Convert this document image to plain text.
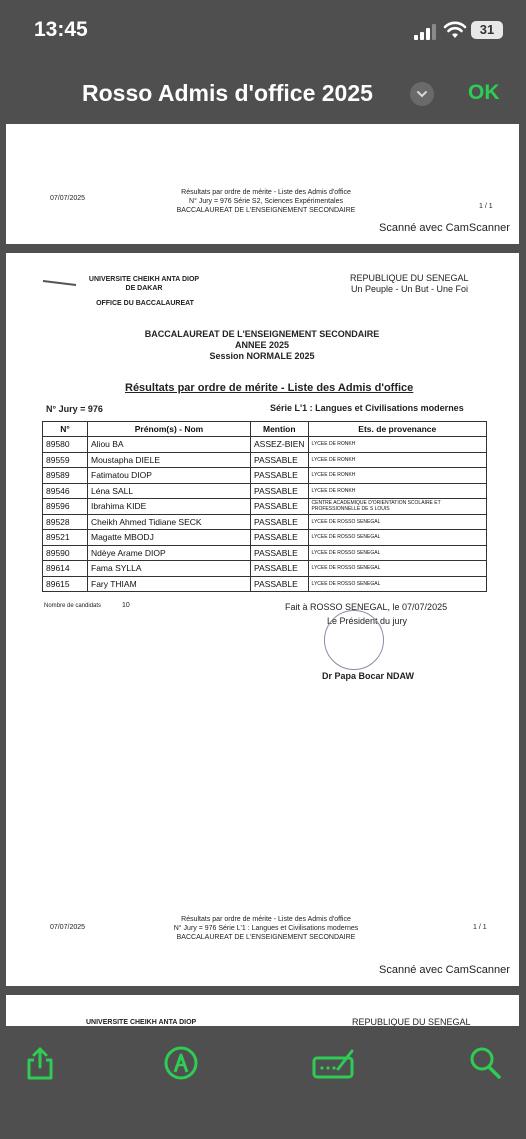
13:45	31
Rosso Admis d'office 2025	OK
07/07/2025
Résultats par ordre de mérite - Liste des Admis d'office
N° Jury = 976 Série S2, Sciences Expérimentales
BACCALAUREAT DE L'ENSEIGNEMENT SECONDAIRE
1 / 1
Scanné avec CamScanner
UNIVERSITE CHEIKH ANTA DIOP
DE DAKAR
OFFICE DU BACCALAUREAT
REPUBLIQUE DU SENEGAL
Un Peuple - Un But - Une Foi
BACCALAUREAT DE L'ENSEIGNEMENT SECONDAIRE
ANNEE 2025
Session NORMALE 2025
Résultats par ordre de mérite - Liste des Admis d'office
N° Jury = 976	Série L'1 : Langues et Civilisations modernes
N°	Prénom(s) - Nom	Mention	Ets. de provenance
89580	Aliou BA	ASSEZ-BIEN	LYCEE DE RONKH
89559	Moustapha DIELE	PASSABLE	LYCEE DE RONKH
89589	Fatimatou DIOP	PASSABLE	LYCEE DE RONKH
89546	Léna SALL	PASSABLE	LYCEE DE RONKH
89596	Ibrahima KIDE	PASSABLE	CENTRE ACADEMIQUE D'ORIENTATION SCOLAIRE ET PROFESSIONNELLE DE S LOUIS
89528	Cheikh Ahmed Tidiane SECK	PASSABLE	LYCEE DE ROSSO SENEGAL
89521	Magatte MBODJ	PASSABLE	LYCEE DE ROSSO SENEGAL
89590	Ndèye Arame DIOP	PASSABLE	LYCEE DE ROSSO SENEGAL
89614	Fama SYLLA	PASSABLE	LYCEE DE ROSSO SENEGAL
89615	Fary THIAM	PASSABLE	LYCEE DE ROSSO SENEGAL
Nombre de candidats	10	Fait à ROSSO SENEGAL, le 07/07/2025
Le Président du jury
Dr Papa Bocar NDAW
07/07/2025
Résultats par ordre de mérite - Liste des Admis d'office
N° Jury = 976 Série L'1 : Langues et Civilisations modernes
BACCALAUREAT DE L'ENSEIGNEMENT SECONDAIRE
1 / 1
Scanné avec CamScanner
UNIVERSITE CHEIKH ANTA DIOP	REPUBLIQUE DU SENEGAL
